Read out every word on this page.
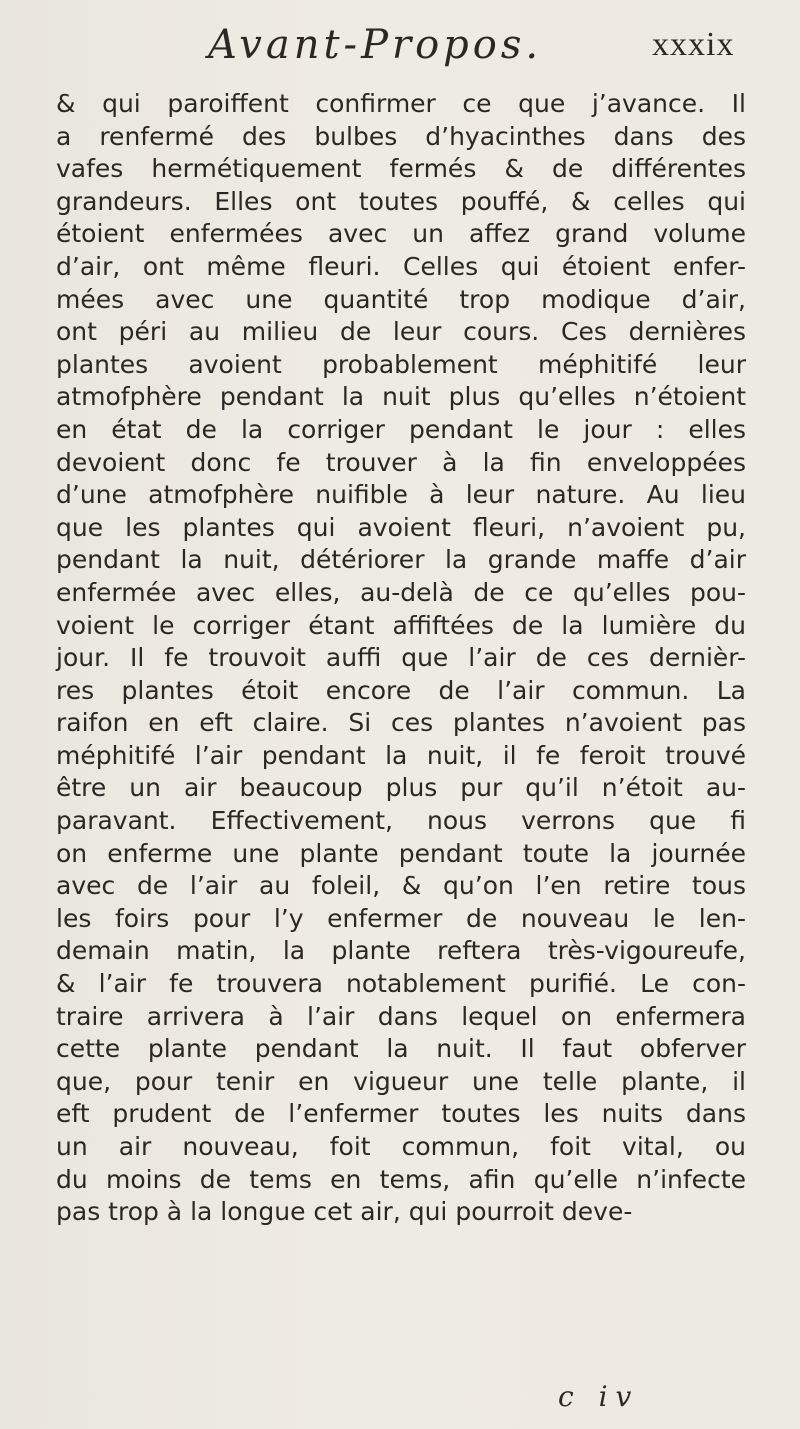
Avant-Propos.	xxxix
& qui paroiffent confirmer ce que j’avance. Il
a renfermé des bulbes d’hyacinthes dans des
vafes hermétiquement fermés & de différentes
grandeurs. Elles ont toutes pouffé, & celles qui
étoient enfermées avec un affez grand volume
d’air, ont même fleuri. Celles qui étoient enfer-
mées avec une quantité trop modique d’air,
ont péri au milieu de leur cours. Ces dernières
plantes avoient probablement méphitifé leur
atmofphère pendant la nuit plus qu’elles n’étoient
en état de la corriger pendant le jour : elles
devoient donc fe trouver à la fin enveloppées
d’une atmofphère nuifible à leur nature. Au lieu
que les plantes qui avoient fleuri, n’avoient pu,
pendant la nuit, détériorer la grande maffe d’air
enfermée avec elles, au-delà de ce qu’elles pou-
voient le corriger étant affiftées de la lumière du
jour. Il fe trouvoit auffi que l’air de ces dernièr-
res plantes étoit encore de l’air commun. La
raifon en eft claire. Si ces plantes n’avoient pas
méphitifé l’air pendant la nuit, il fe feroit trouvé
être un air beaucoup plus pur qu’il n’étoit au-
paravant. Effectivement, nous verrons que fi
on enferme une plante pendant toute la journée
avec de l’air au foleil, & qu’on l’en retire tous
les foirs pour l’y enfermer de nouveau le len-
demain matin, la plante reftera très-vigoureufe,
& l’air fe trouvera notablement purifié. Le con-
traire arrivera à l’air dans lequel on enfermera
cette plante pendant la nuit. Il faut obferver
que, pour tenir en vigueur une telle plante, il
eft prudent de l’enfermer toutes les nuits dans
un air nouveau, foit commun, foit vital, ou
du moins de tems en tems, afin qu’elle n’infecte
pas trop à la longue cet air, qui pourroit deve-
c iv
